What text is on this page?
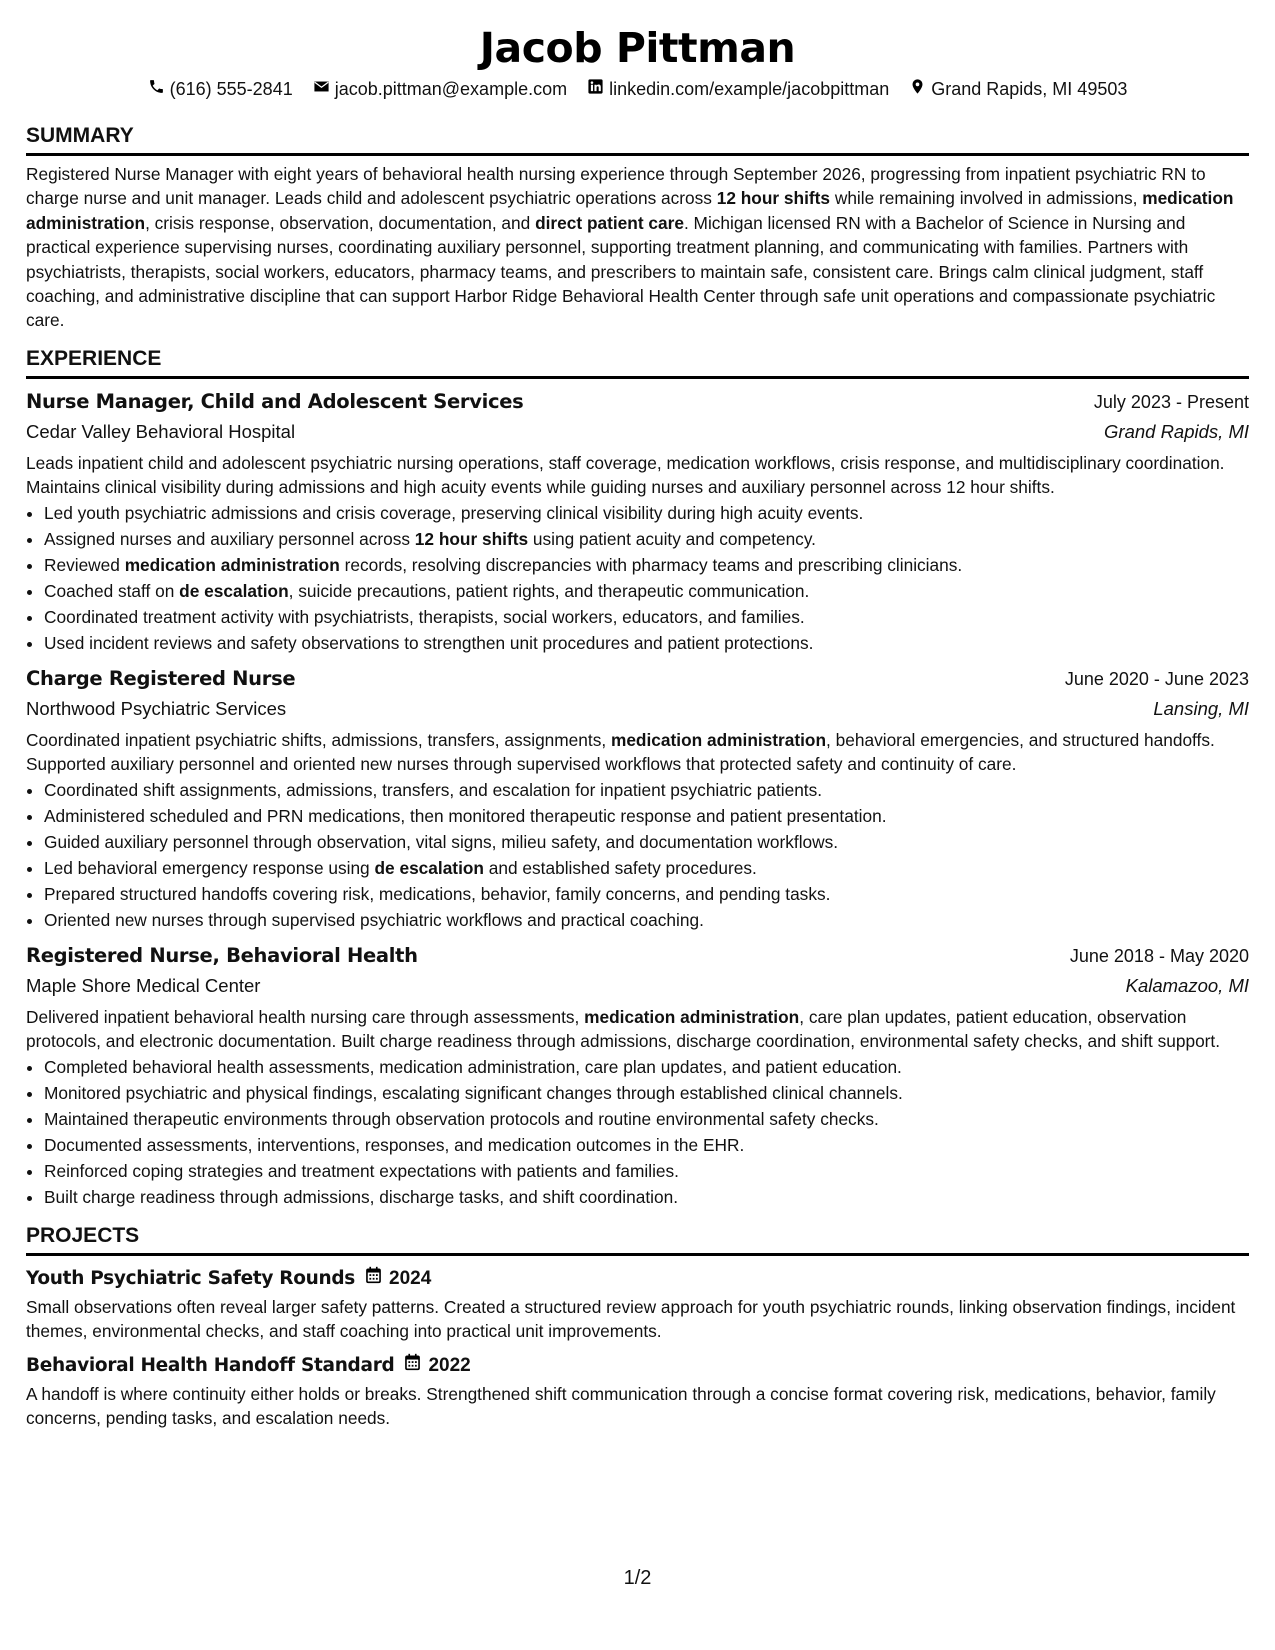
Jacob Pittman
(616) 555-2841 jacob.pittman@example.com linkedin.com/example/jacobpittman Grand Rapids, MI 49503
SUMMARY
Registered Nurse Manager with eight years of behavioral health nursing experience through September 2026, progressing from inpatient psychiatric RN to charge nurse and unit manager. Leads child and adolescent psychiatric operations across 12 hour shifts while remaining involved in admissions, medication administration, crisis response, observation, documentation, and direct patient care. Michigan licensed RN with a Bachelor of Science in Nursing and practical experience supervising nurses, coordinating auxiliary personnel, supporting treatment planning, and communicating with families. Partners with psychiatrists, therapists, social workers, educators, pharmacy teams, and prescribers to maintain safe, consistent care. Brings calm clinical judgment, staff coaching, and administrative discipline that can support Harbor Ridge Behavioral Health Center through safe unit operations and compassionate psychiatric care.
EXPERIENCE
Nurse Manager, Child and Adolescent Services	July 2023 - Present
Cedar Valley Behavioral Hospital	Grand Rapids, MI
Leads inpatient child and adolescent psychiatric nursing operations, staff coverage, medication workflows, crisis response, and multidisciplinary coordination. Maintains clinical visibility during admissions and high acuity events while guiding nurses and auxiliary personnel across 12 hour shifts.
• Led youth psychiatric admissions and crisis coverage, preserving clinical visibility during high acuity events.
• Assigned nurses and auxiliary personnel across 12 hour shifts using patient acuity and competency.
• Reviewed medication administration records, resolving discrepancies with pharmacy teams and prescribing clinicians.
• Coached staff on de escalation, suicide precautions, patient rights, and therapeutic communication.
• Coordinated treatment activity with psychiatrists, therapists, social workers, educators, and families.
• Used incident reviews and safety observations to strengthen unit procedures and patient protections.
Charge Registered Nurse	June 2020 - June 2023
Northwood Psychiatric Services	Lansing, MI
Coordinated inpatient psychiatric shifts, admissions, transfers, assignments, medication administration, behavioral emergencies, and structured handoffs. Supported auxiliary personnel and oriented new nurses through supervised workflows that protected safety and continuity of care.
• Coordinated shift assignments, admissions, transfers, and escalation for inpatient psychiatric patients.
• Administered scheduled and PRN medications, then monitored therapeutic response and patient presentation.
• Guided auxiliary personnel through observation, vital signs, milieu safety, and documentation workflows.
• Led behavioral emergency response using de escalation and established safety procedures.
• Prepared structured handoffs covering risk, medications, behavior, family concerns, and pending tasks.
• Oriented new nurses through supervised psychiatric workflows and practical coaching.
Registered Nurse, Behavioral Health	June 2018 - May 2020
Maple Shore Medical Center	Kalamazoo, MI
Delivered inpatient behavioral health nursing care through assessments, medication administration, care plan updates, patient education, observation protocols, and electronic documentation. Built charge readiness through admissions, discharge coordination, environmental safety checks, and shift support.
• Completed behavioral health assessments, medication administration, care plan updates, and patient education.
• Monitored psychiatric and physical findings, escalating significant changes through established clinical channels.
• Maintained therapeutic environments through observation protocols and routine environmental safety checks.
• Documented assessments, interventions, responses, and medication outcomes in the EHR.
• Reinforced coping strategies and treatment expectations with patients and families.
• Built charge readiness through admissions, discharge tasks, and shift coordination.
PROJECTS
Youth Psychiatric Safety Rounds 2024
Small observations often reveal larger safety patterns. Created a structured review approach for youth psychiatric rounds, linking observation findings, incident themes, environmental checks, and staff coaching into practical unit improvements.
Behavioral Health Handoff Standard 2022
A handoff is where continuity either holds or breaks. Strengthened shift communication through a concise format covering risk, medications, behavior, family concerns, pending tasks, and escalation needs.
1/2
